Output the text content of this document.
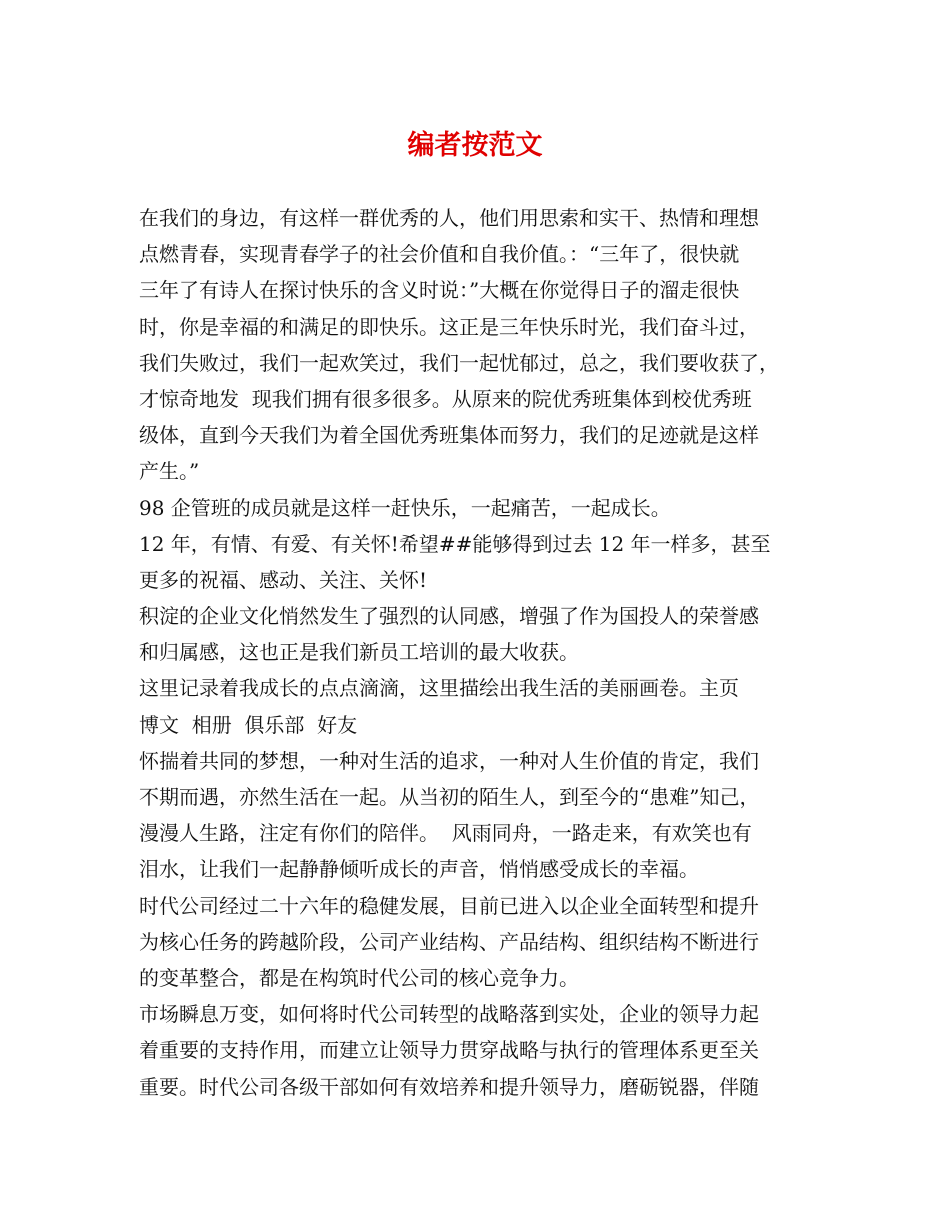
编者按范文
在我们的身边，有这样一群优秀的人，他们用思索和实干、热情和理想
点燃青春，实现青春学子的社会价值和自我价值。：“三年了，很快就
三年了有诗人在探讨快乐的含义时说：”大概在你觉得日子的溜走很快
时，你是幸福的和满足的即快乐。这正是三年快乐时光，我们奋斗过，
我们失败过，我们一起欢笑过，我们一起忧郁过，总之，我们要收获了，
才惊奇地发  现我们拥有很多很多。从原来的院优秀班集体到校优秀班
级体，直到今天我们为着全国优秀班集体而努力，我们的足迹就是这样
产生。”
98 企管班的成员就是这样一赶快乐，一起痛苦，一起成长。
12 年，有情、有爱、有关怀!希望##能够得到过去 12 年一样多，甚至
更多的祝福、感动、关注、关怀!
积淀的企业文化悄然发生了强烈的认同感，增强了作为国投人的荣誉感
和归属感，这也正是我们新员工培训的最大收获。
这里记录着我成长的点点滴滴，这里描绘出我生活的美丽画卷。主页
博文  相册  俱乐部  好友
怀揣着共同的梦想，一种对生活的追求，一种对人生价值的肯定，我们
不期而遇，亦然生活在一起。从当初的陌生人，到至今的“患难”知己，
漫漫人生路，注定有你们的陪伴。  风雨同舟，一路走来，有欢笑也有
泪水，让我们一起静静倾听成长的声音，悄悄感受成长的幸福。
时代公司经过二十六年的稳健发展，目前已进入以企业全面转型和提升
为核心任务的跨越阶段，公司产业结构、产品结构、组织结构不断进行
的变革整合，都是在构筑时代公司的核心竞争力。
市场瞬息万变，如何将时代公司转型的战略落到实处，企业的领导力起
着重要的支持作用，而建立让领导力贯穿战略与执行的管理体系更至关
重要。时代公司各级干部如何有效培养和提升领导力，磨砺锐器，伴随
